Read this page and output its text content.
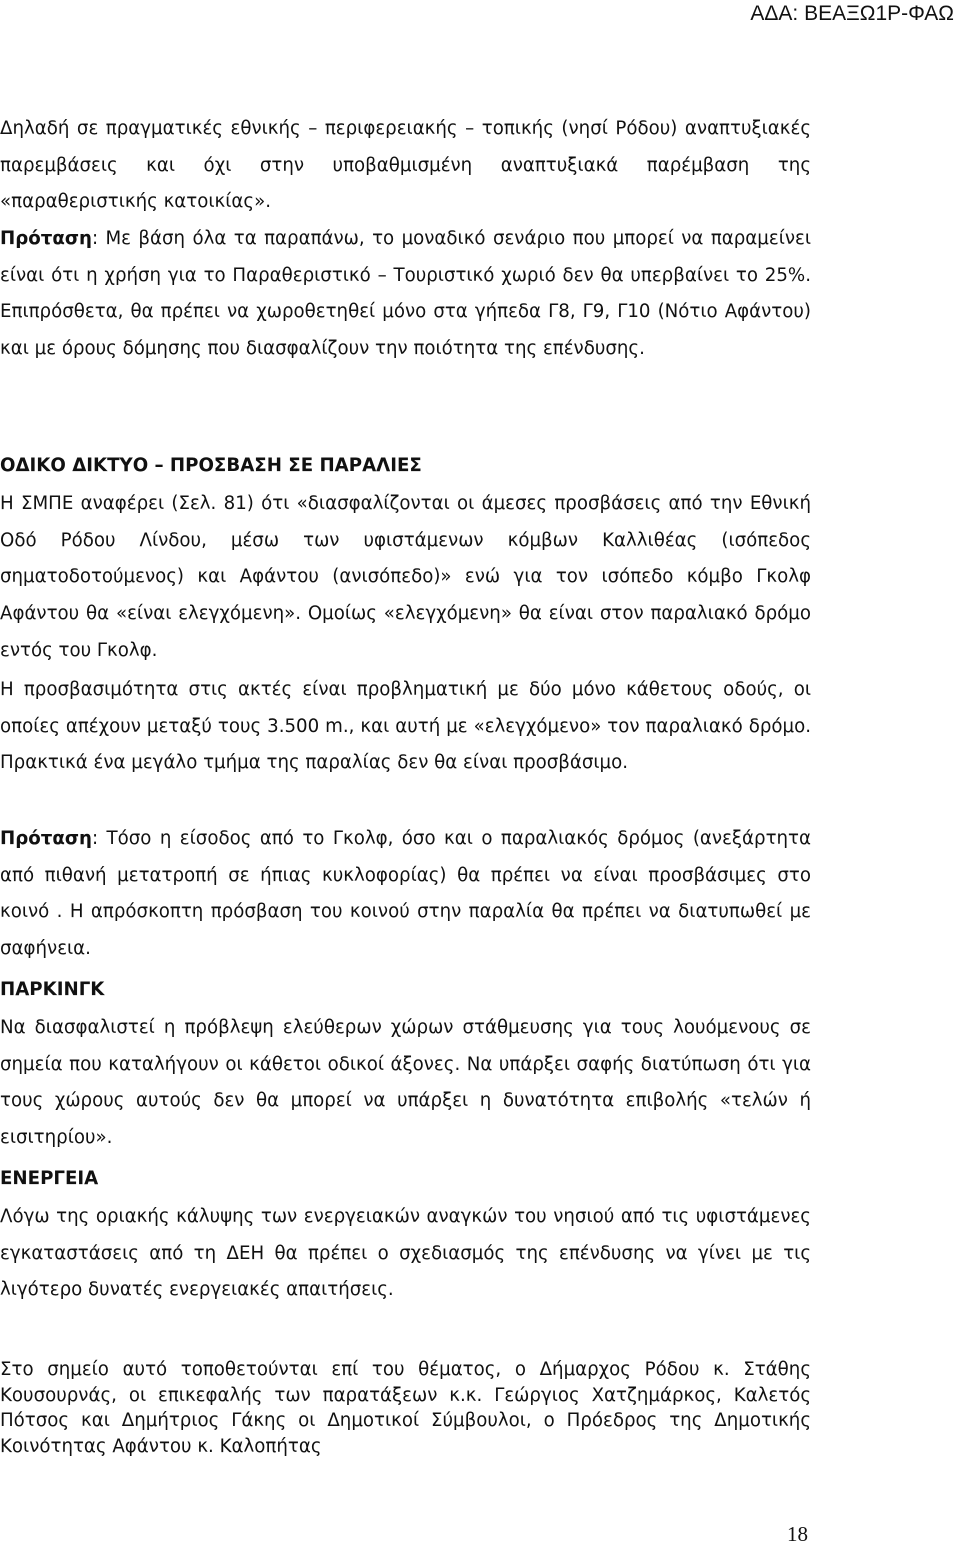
ΑΔΑ: ΒΕΑΞΩ1Ρ-ΦΑΩ

Δηλαδή σε πραγματικές εθνικής – περιφερειακής – τοπικής (νησί Ρόδου) αναπτυξιακές παρεμβάσεις και όχι στην υποβαθμισμένη αναπτυξιακά παρέμβαση της «παραθεριστικής κατοικίας».

Πρόταση: Με βάση όλα τα παραπάνω, το μοναδικό σενάριο που μπορεί να παραμείνει είναι ότι η χρήση για το Παραθεριστικό – Τουριστικό χωριό δεν θα υπερβαίνει το 25%. Επιπρόσθετα, θα πρέπει να χωροθετηθεί μόνο στα γήπεδα Γ8, Γ9, Γ10 (Νότιο Αφάντου) και με όρους δόμησης που διασφαλίζουν την ποιότητα της επένδυσης.

ΟΔΙΚΟ ΔΙΚΤΥΟ – ΠΡΟΣΒΑΣΗ ΣΕ ΠΑΡΑΛΙΕΣ

Η ΣΜΠΕ αναφέρει (Σελ. 81) ότι «διασφαλίζονται οι άμεσες προσβάσεις από την Εθνική Οδό Ρόδου Λίνδου, μέσω των υφιστάμενων κόμβων Καλλιθέας (ισόπεδος σηματοδοτούμενος) και Αφάντου (ανισόπεδο)» ενώ για τον ισόπεδο κόμβο Γκολφ Αφάντου θα «είναι ελεγχόμενη». Ομοίως «ελεγχόμενη» θα είναι στον παραλιακό δρόμο εντός του Γκολφ.

Η προσβασιμότητα στις ακτές είναι προβληματική με δύο μόνο κάθετους οδούς, οι οποίες απέχουν μεταξύ τους 3.500 m., και αυτή με «ελεγχόμενο» τον παραλιακό δρόμο. Πρακτικά ένα μεγάλο τμήμα της παραλίας δεν θα είναι προσβάσιμο.

Πρόταση: Τόσο η είσοδος από το Γκολφ, όσο και ο παραλιακός δρόμος (ανεξάρτητα από πιθανή μετατροπή σε ήπιας κυκλοφορίας) θα πρέπει να είναι προσβάσιμες στο κοινό . Η απρόσκοπτη πρόσβαση του κοινού στην παραλία θα πρέπει να διατυπωθεί με σαφήνεια.

ΠΑΡΚΙΝΓΚ

Να διασφαλιστεί η πρόβλεψη ελεύθερων χώρων στάθμευσης για τους λουόμενους σε σημεία που καταλήγουν οι κάθετοι οδικοί άξονες. Να υπάρξει σαφής διατύπωση ότι για τους χώρους αυτούς δεν θα μπορεί να υπάρξει η δυνατότητα επιβολής «τελών ή εισιτηρίου».

ΕΝΕΡΓΕΙΑ

Λόγω της οριακής κάλυψης των ενεργειακών αναγκών του νησιού από τις υφιστάμενες εγκαταστάσεις από τη ΔΕΗ θα πρέπει ο σχεδιασμός της επένδυσης να γίνει με τις λιγότερο δυνατές ενεργειακές απαιτήσεις.

Στο σημείο αυτό τοποθετούνται επί του θέματος, ο Δήμαρχος Ρόδου κ. Στάθης Κουσουρνάς, οι επικεφαλής των παρατάξεων κ.κ. Γεώργιος Χατζημάρκος, Καλετός Πότσος και Δημήτριος Γάκης οι Δημοτικοί Σύμβουλοι, ο Πρόεδρος της Δημοτικής Κοινότητας Αφάντου κ. Καλοπήτας

18
